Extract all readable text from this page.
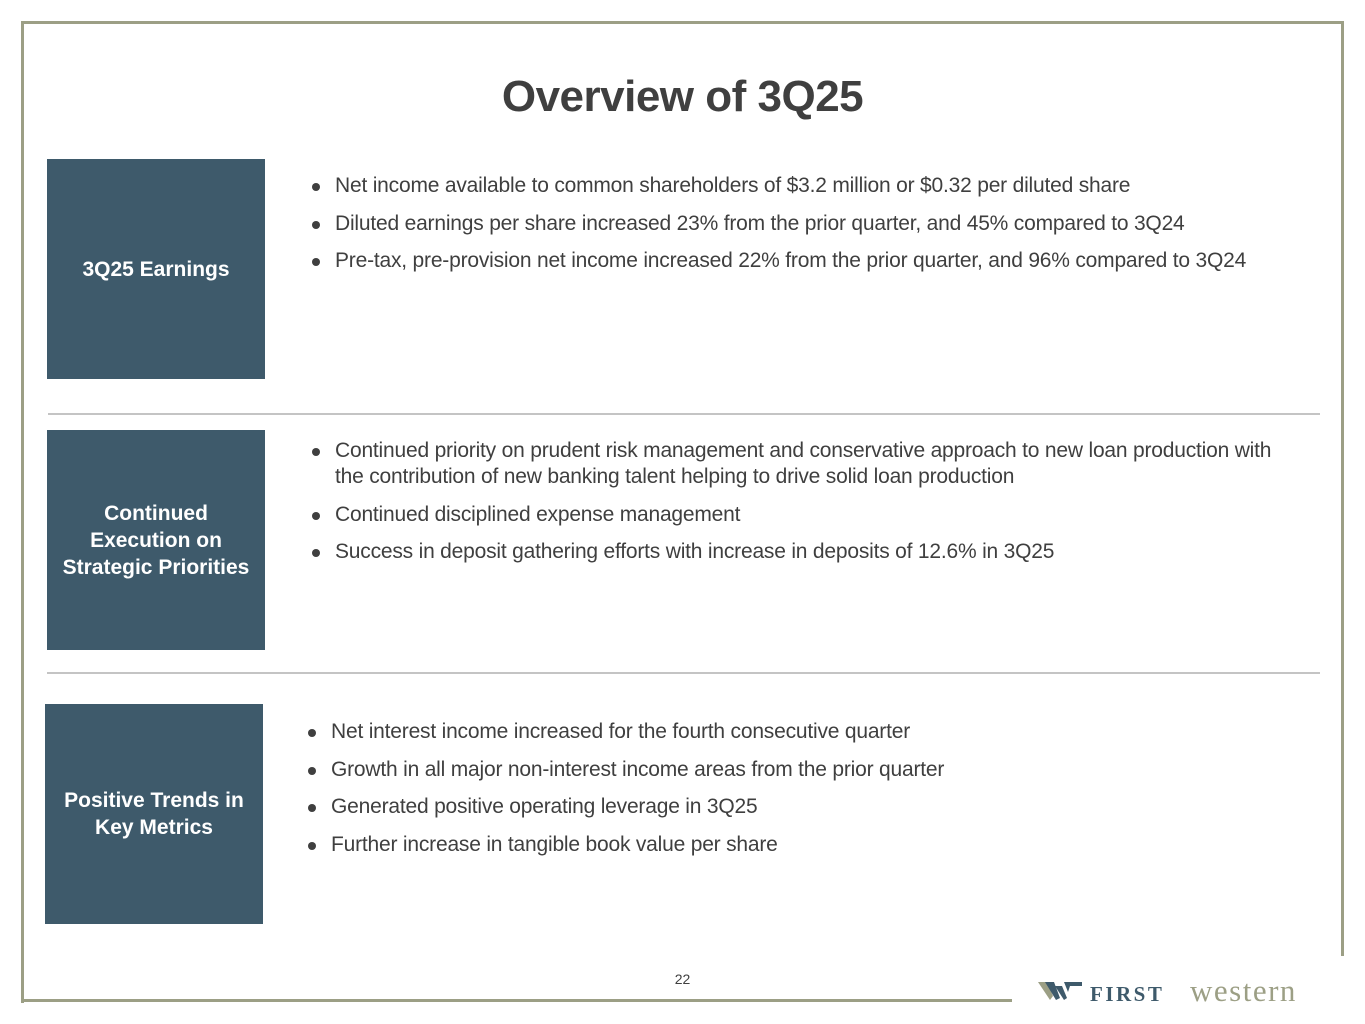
Overview of 3Q25
3Q25 Earnings
Net income available to common shareholders of $3.2 million or $0.32 per diluted share
Diluted earnings per share increased 23% from the prior quarter, and 45% compared to 3Q24
Pre-tax, pre-provision net income increased 22% from the prior quarter, and 96% compared to 3Q24
Continued Execution on Strategic Priorities
Continued priority on prudent risk management and conservative approach to new loan production with the contribution of new banking talent helping to drive solid loan production
Continued disciplined expense management
Success in deposit gathering efforts with increase in deposits of 12.6% in 3Q25
Positive Trends in Key Metrics
Net interest income increased for the fourth consecutive quarter
Growth in all major non-interest income areas from the prior quarter
Generated positive operating leverage in 3Q25
Further increase in tangible book value per share
22
FIRST western
